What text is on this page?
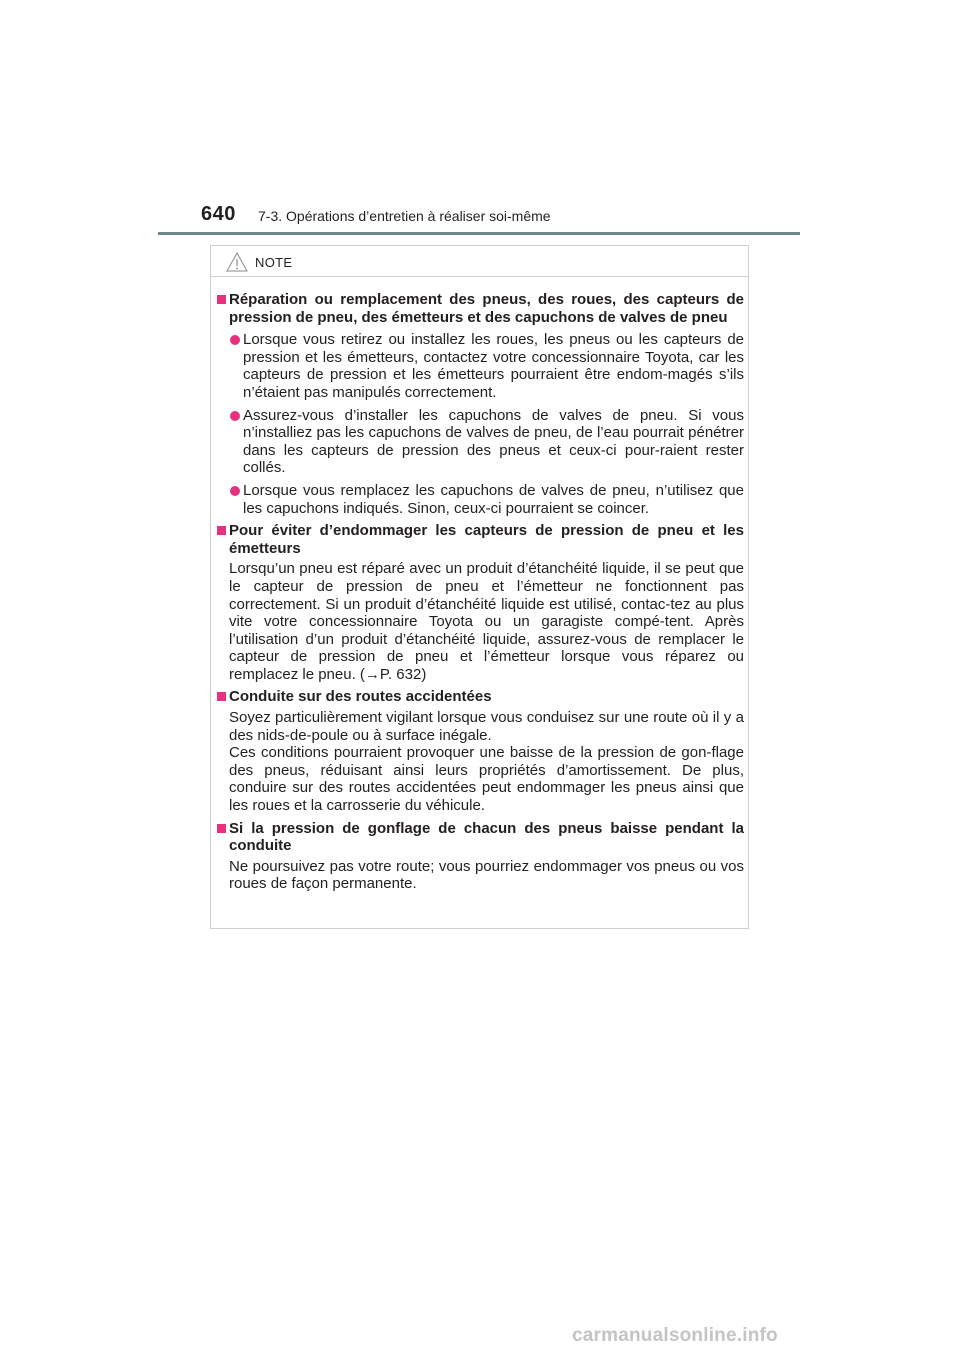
640 7-3. Opérations d’entretien à réaliser soi-même
NOTE
Réparation ou remplacement des pneus, des roues, des capteurs de pression de pneu, des émetteurs et des capuchons de valves de pneu
Lorsque vous retirez ou installez les roues, les pneus ou les capteurs de pression et les émetteurs, contactez votre concessionnaire Toyota, car les capteurs de pression et les émetteurs pourraient être endom-magés s’ils n’étaient pas manipulés correctement.
Assurez-vous d’installer les capuchons de valves de pneu. Si vous n’installiez pas les capuchons de valves de pneu, de l’eau pourrait pénétrer dans les capteurs de pression des pneus et ceux-ci pour-raient rester collés.
Lorsque vous remplacez les capuchons de valves de pneu, n’utilisez que les capuchons indiqués. Sinon, ceux-ci pourraient se coincer.
Pour éviter d’endommager les capteurs de pression de pneu et les émetteurs
Lorsqu’un pneu est réparé avec un produit d’étanchéité liquide, il se peut que le capteur de pression de pneu et l’émetteur ne fonctionnent pas correctement. Si un produit d’étanchéité liquide est utilisé, contac-tez au plus vite votre concessionnaire Toyota ou un garagiste compé-tent. Après l’utilisation d’un produit d’étanchéité liquide, assurez-vous de remplacer le capteur de pression de pneu et l’émetteur lorsque vous réparez ou remplacez le pneu. (→P. 632)
Conduite sur des routes accidentées
Soyez particulièrement vigilant lorsque vous conduisez sur une route où il y a des nids-de-poule ou à surface inégale.
Ces conditions pourraient provoquer une baisse de la pression de gon-flage des pneus, réduisant ainsi leurs propriétés d’amortissement. De plus, conduire sur des routes accidentées peut endommager les pneus ainsi que les roues et la carrosserie du véhicule.
Si la pression de gonflage de chacun des pneus baisse pendant la conduite
Ne poursuivez pas votre route; vous pourriez endommager vos pneus ou vos roues de façon permanente.
carmanualsonline.info
